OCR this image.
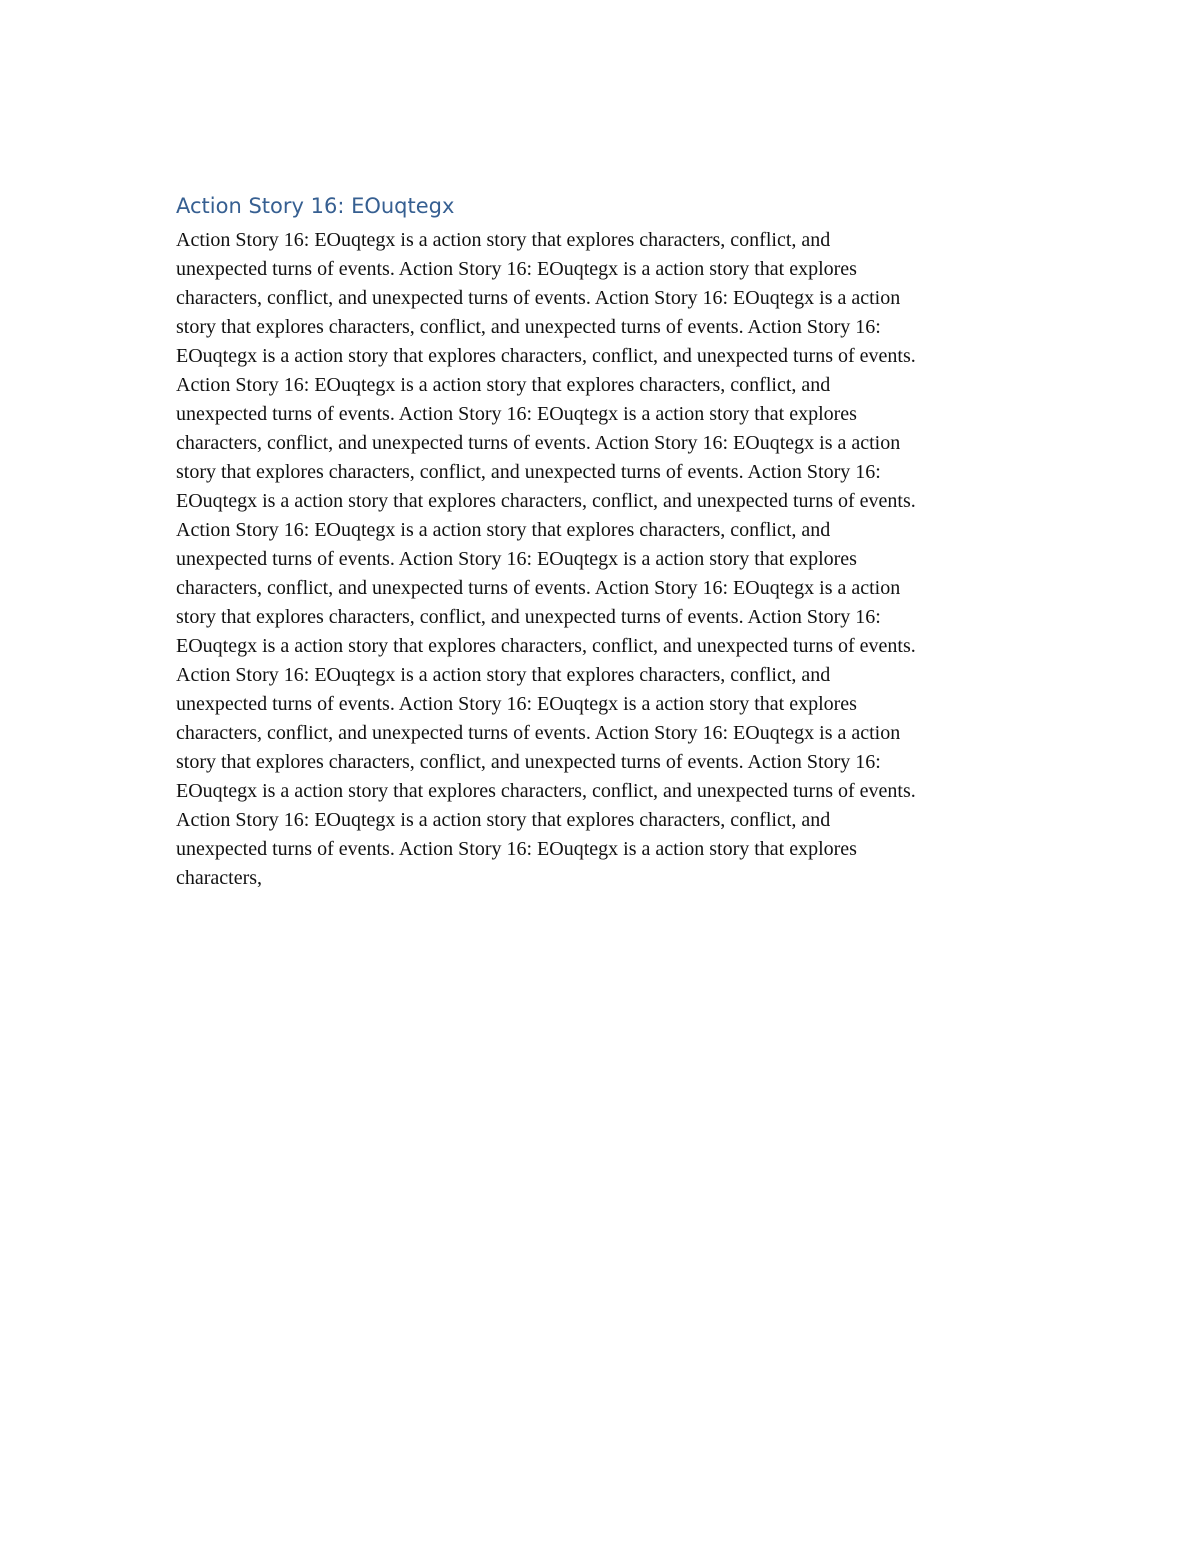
Action Story 16: EOuqtegx
Action Story 16: EOuqtegx is a action story that explores characters, conflict, and
unexpected turns of events. Action Story 16: EOuqtegx is a action story that explores
characters, conflict, and unexpected turns of events. Action Story 16: EOuqtegx is a action
story that explores characters, conflict, and unexpected turns of events. Action Story 16:
EOuqtegx is a action story that explores characters, conflict, and unexpected turns of events.
Action Story 16: EOuqtegx is a action story that explores characters, conflict, and
unexpected turns of events. Action Story 16: EOuqtegx is a action story that explores
characters, conflict, and unexpected turns of events. Action Story 16: EOuqtegx is a action
story that explores characters, conflict, and unexpected turns of events. Action Story 16:
EOuqtegx is a action story that explores characters, conflict, and unexpected turns of events.
Action Story 16: EOuqtegx is a action story that explores characters, conflict, and
unexpected turns of events. Action Story 16: EOuqtegx is a action story that explores
characters, conflict, and unexpected turns of events. Action Story 16: EOuqtegx is a action
story that explores characters, conflict, and unexpected turns of events. Action Story 16:
EOuqtegx is a action story that explores characters, conflict, and unexpected turns of events.
Action Story 16: EOuqtegx is a action story that explores characters, conflict, and
unexpected turns of events. Action Story 16: EOuqtegx is a action story that explores
characters, conflict, and unexpected turns of events. Action Story 16: EOuqtegx is a action
story that explores characters, conflict, and unexpected turns of events. Action Story 16:
EOuqtegx is a action story that explores characters, conflict, and unexpected turns of events.
Action Story 16: EOuqtegx is a action story that explores characters, conflict, and
unexpected turns of events. Action Story 16: EOuqtegx is a action story that explores
characters,
